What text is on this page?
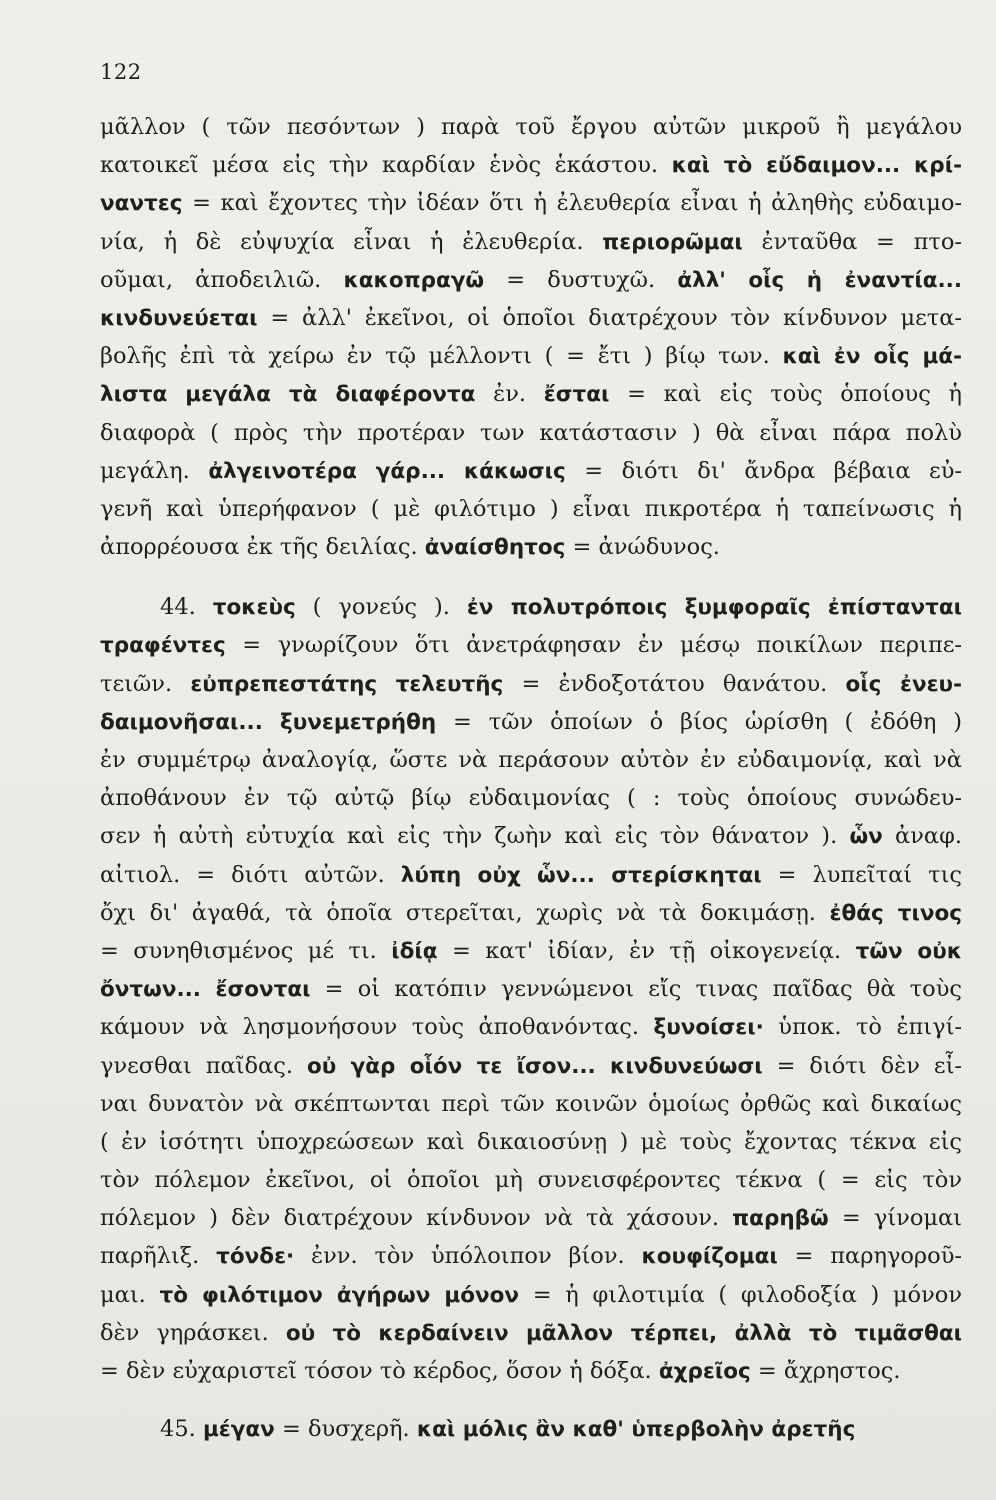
122
μᾶλλον ( τῶν πεσόντων ) παρὰ τοῦ ἔργου αὐτῶν μικροῦ ἢ μεγάλου
κατοικεῖ μέσα εἰς τὴν καρδίαν ἑνὸς ἑκάστου. καὶ τὸ εὔδαιμον... κρί-
ναντες = καὶ ἔχοντες τὴν ἰδέαν ὅτι ἡ ἐλευθερία εἶναι ἡ ἀληθὴς εὐδαιμο-
νία, ἡ δὲ εὐψυχία εἶναι ἡ ἐλευθερία. περιορῶμαι ἐνταῦθα = πτο-
οῦμαι, ἀποδειλιῶ. κακοπραγῶ = δυστυχῶ. ἀλλ' οἷς ἡ ἐναντία...
κινδυνεύεται = ἀλλ' ἐκεῖνοι, οἱ ὁποῖοι διατρέχουν τὸν κίνδυνον μετα-
βολῆς ἐπὶ τὰ χείρω ἐν τῷ μέλλοντι ( = ἔτι ) βίῳ των. καὶ ἐν οἷς μά-
λιστα μεγάλα τὰ διαφέροντα ἐν. ἔσται = καὶ εἰς τοὺς ὁποίους ἡ
διαφορὰ ( πρὸς τὴν προτέραν των κατάστασιν ) θὰ εἶναι πάρα πολὺ
μεγάλη. ἀλγεινοτέρα γάρ... κάκωσις = διότι δι' ἄνδρα βέβαια εὐ-
γενῆ καὶ ὑπερήφανον ( μὲ φιλότιμο ) εἶναι πικροτέρα ἡ ταπείνωσις ἡ
ἀπορρέουσα ἐκ τῆς δειλίας. ἀναίσθητος = ἀνώδυνος.
44. τοκεὺς ( γονεύς ). ἐν πολυτρόποις ξυμφοραῖς ἐπίστανται
τραφέντες = γνωρίζουν ὅτι ἀνετράφησαν ἐν μέσῳ ποικίλων περιπε-
τειῶν. εὐπρεπεστάτης τελευτῆς = ἐνδοξοτάτου θανάτου. οἷς ἐνευ-
δαιμονῆσαι... ξυνεμετρήθη = τῶν ὁποίων ὁ βίος ὡρίσθη ( ἐδόθη )
ἐν συμμέτρῳ ἀναλογίᾳ, ὥστε νὰ περάσουν αὐτὸν ἐν εὐδαιμονίᾳ, καὶ νὰ
ἀποθάνουν ἐν τῷ αὐτῷ βίῳ εὐδαιμονίας ( : τοὺς ὁποίους συνώδευ-
σεν ἡ αὐτὴ εὐτυχία καὶ εἰς τὴν ζωὴν καὶ εἰς τὸν θάνατον ). ὧν ἀναφ.
αἰτιολ. = διότι αὐτῶν. λύπη οὐχ ὧν... στερίσκηται = λυπεῖταί τις
ὄχι δι' ἀγαθά, τὰ ὁποῖα στερεῖται, χωρὶς νὰ τὰ δοκιμάσῃ. ἐθάς τινος
= συνηθισμένος μέ τι. ἰδίᾳ = κατ' ἰδίαν, ἐν τῇ οἰκογενείᾳ. τῶν οὐκ
ὄντων... ἔσονται = οἱ κατόπιν γεννώμενοι εἴς τινας παῖδας θὰ τοὺς
κάμουν νὰ λησμονήσουν τοὺς ἀποθανόντας. ξυνοίσει· ὑποκ. τὸ ἐπιγί-
γνεσθαι παῖδας. οὐ γὰρ οἷόν τε ἴσον... κινδυνεύωσι = διότι δὲν εἶ-
ναι δυνατὸν νὰ σκέπτωνται περὶ τῶν κοινῶν ὁμοίως ὀρθῶς καὶ δικαίως
( ἐν ἰσότητι ὑποχρεώσεων καὶ δικαιοσύνῃ ) μὲ τοὺς ἔχοντας τέκνα εἰς
τὸν πόλεμον ἐκεῖνοι, οἱ ὁποῖοι μὴ συνεισφέροντες τέκνα ( = εἰς τὸν
πόλεμον ) δὲν διατρέχουν κίνδυνον νὰ τὰ χάσουν. παρηβῶ = γίνομαι
παρῆλιξ. τόνδε· ἐνν. τὸν ὑπόλοιπον βίον. κουφίζομαι = παρηγοροῦ-
μαι. τὸ φιλότιμον ἀγήρων μόνον = ἡ φιλοτιμία ( φιλοδοξία ) μόνον
δὲν γηράσκει. οὐ τὸ κερδαίνειν μᾶλλον τέρπει, ἀλλὰ τὸ τιμᾶσθαι
= δὲν εὐχαριστεῖ τόσον τὸ κέρδος, ὅσον ἡ δόξα. ἀχρεῖος = ἄχρηστος.
45. μέγαν = δυσχερῆ. καὶ μόλις ἂν καθ' ὑπερβολὴν ἀρετῆς
